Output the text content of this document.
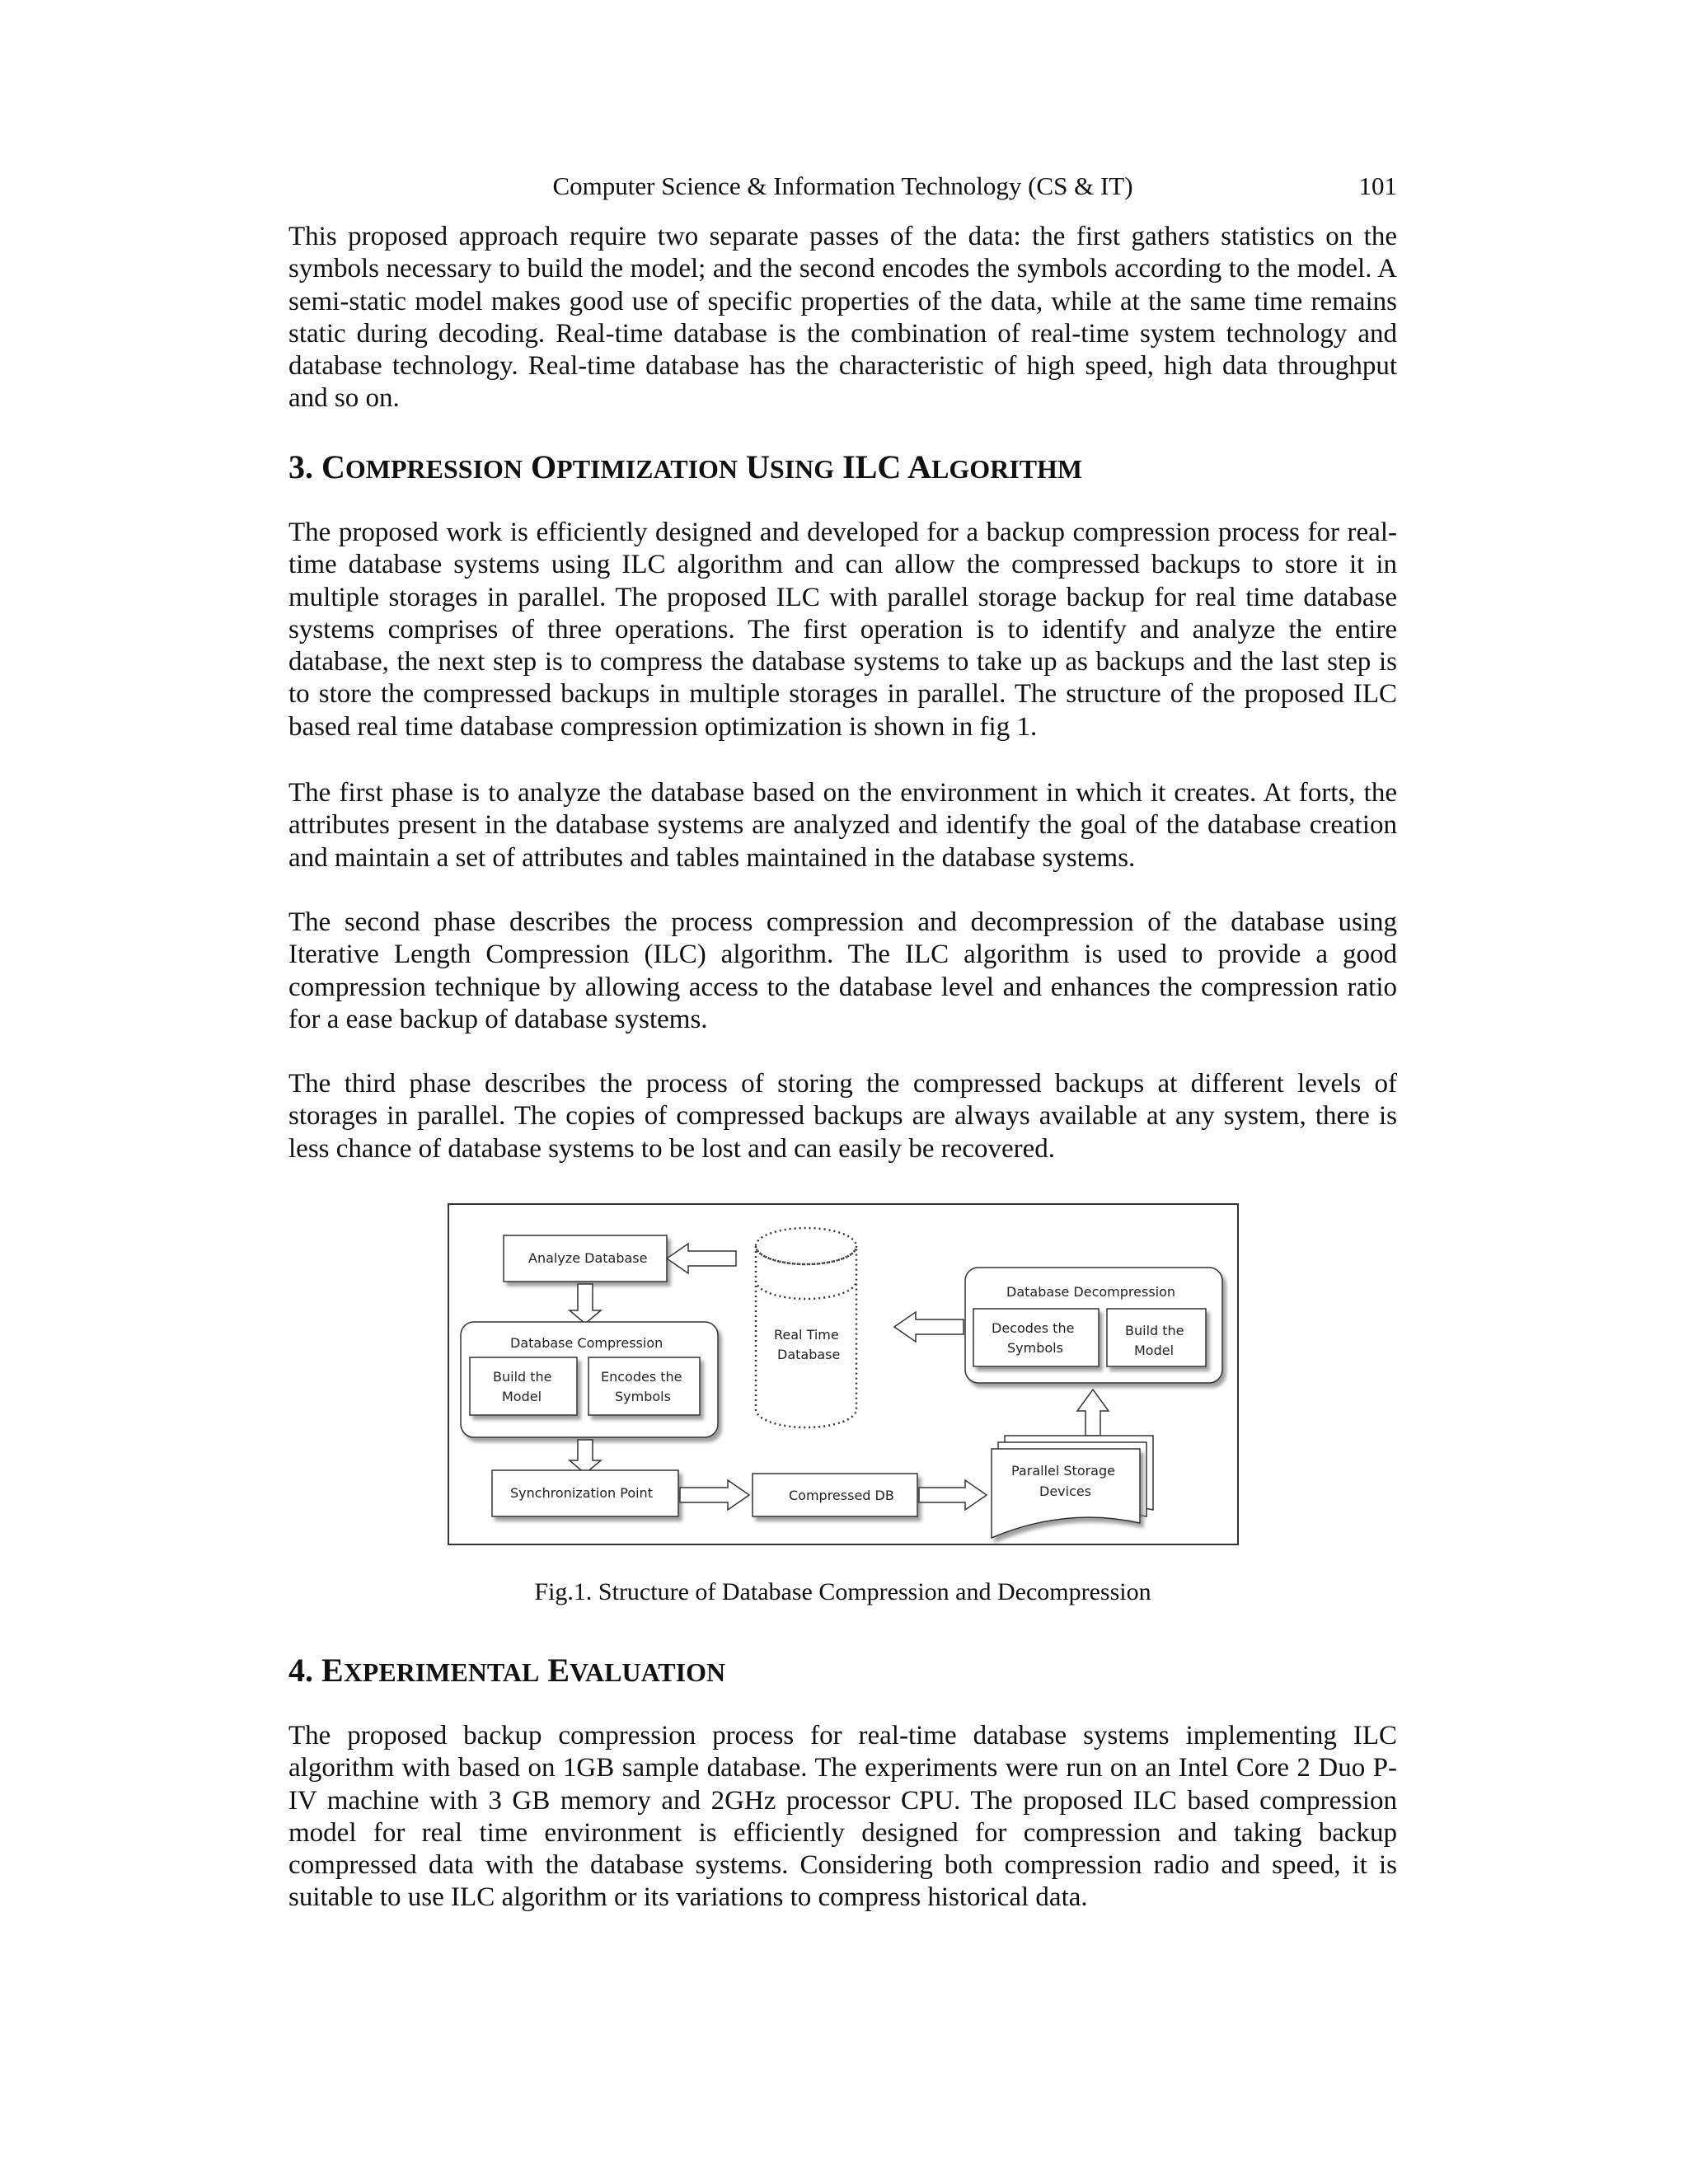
Computer Science & Information Technology (CS & IT)	101

This proposed approach require two separate passes of the data: the first gathers statistics on the symbols necessary to build the model; and the second encodes the symbols according to the model. A semi-static model makes good use of specific properties of the data, while at the same time remains static during decoding. Real-time database is the combination of real-time system technology and database technology. Real-time database has the characteristic of high speed, high data throughput and so on.

3. COMPRESSION OPTIMIZATION USING ILC ALGORITHM

The proposed work is efficiently designed and developed for a backup compression process for real-time database systems using ILC algorithm and can allow the compressed backups to store it in multiple storages in parallel. The proposed ILC with parallel storage backup for real time database systems comprises of three operations. The first operation is to identify and analyze the entire database, the next step is to compress the database systems to take up as backups and the last step is to store the compressed backups in multiple storages in parallel. The structure of the proposed ILC based real time database compression optimization is shown in fig 1.

The first phase is to analyze the database based on the environment in which it creates. At forts, the attributes present in the database systems are analyzed and identify the goal of the database creation and maintain a set of attributes and tables maintained in the database systems.

The second phase describes the process compression and decompression of the database using Iterative Length Compression (ILC) algorithm. The ILC algorithm is used to provide a good compression technique by allowing access to the database level and enhances the compression ratio for a ease backup of database systems.

The third phase describes the process of storing the compressed backups at different levels of storages in parallel. The copies of compressed backups are always available at any system, there is less chance of database systems to be lost and can easily be recovered.

Analyze Database
Database Compression
Build the
Model
Encodes the
Symbols
Real Time
Database
Database Decompression
Decodes the
Symbols
Build the
Model
Synchronization Point	Compressed DB
Parallel Storage
Devices

Fig.1. Structure of Database Compression and Decompression

4. EXPERIMENTAL EVALUATION

The proposed backup compression process for real-time database systems implementing ILC algorithm with based on 1GB sample database. The experiments were run on an Intel Core 2 Duo P-IV machine with 3 GB memory and 2GHz processor CPU. The proposed ILC based compression model for real time environment is efficiently designed for compression and taking backup compressed data with the database systems. Considering both compression radio and speed, it is suitable to use ILC algorithm or its variations to compress historical data.
